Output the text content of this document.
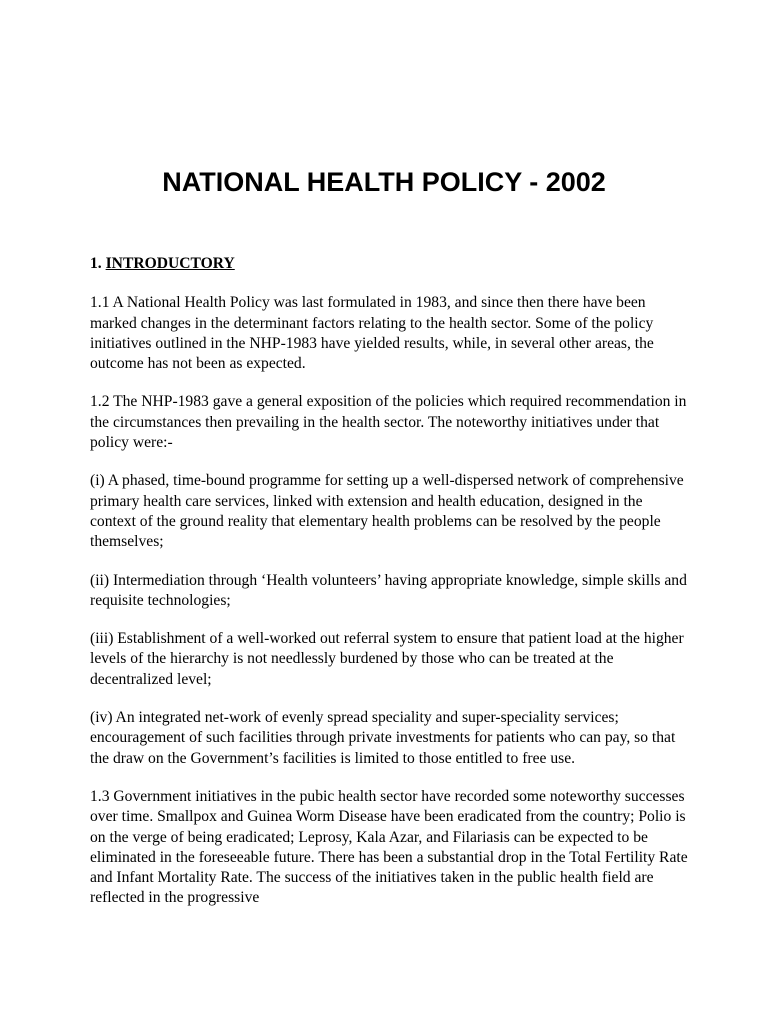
NATIONAL HEALTH POLICY - 2002

1. INTRODUCTORY

1.1 A National Health Policy was last formulated in 1983, and since then there have been marked changes in the determinant factors relating to the health sector. Some of the policy initiatives outlined in the NHP-1983 have yielded results, while, in several other areas, the outcome has not been as expected.

1.2 The NHP-1983 gave a general exposition of the policies which required recommendation in the circumstances then prevailing in the health sector. The noteworthy initiatives under that policy were:-

(i) A phased, time-bound programme for setting up a well-dispersed network of comprehensive primary health care services, linked with extension and health education, designed in the context of the ground reality that elementary health problems can be resolved by the people themselves;

(ii) Intermediation through ‘Health volunteers’ having appropriate knowledge, simple skills and requisite technologies;

(iii) Establishment of a well-worked out referral system to ensure that patient load at the higher levels of the hierarchy is not needlessly burdened by those who can be treated at the decentralized level;

(iv) An integrated net-work of evenly spread speciality and super-speciality services; encouragement of such facilities through private investments for patients who can pay, so that the draw on the Government’s facilities is limited to those entitled to free use.

1.3 Government initiatives in the pubic health sector have recorded some noteworthy successes over time. Smallpox and Guinea Worm Disease have been eradicated from the country; Polio is on the verge of being eradicated; Leprosy, Kala Azar, and Filariasis can be expected to be eliminated in the foreseeable future. There has been a substantial drop in the Total Fertility Rate and Infant Mortality Rate. The success of the initiatives taken in the public health field are reflected in the progressive
